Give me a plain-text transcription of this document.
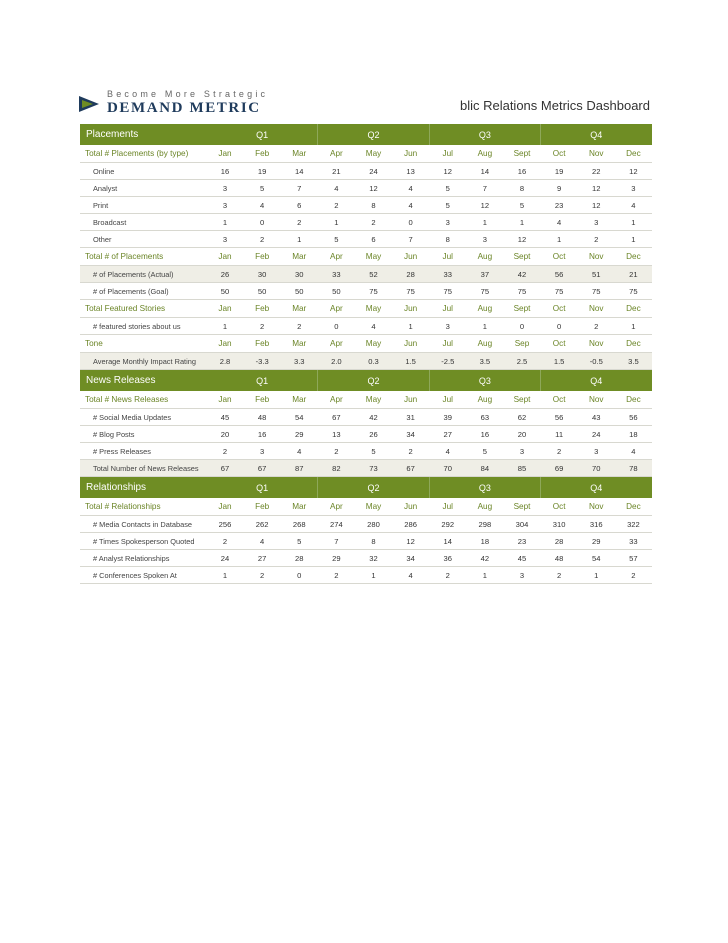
Become More Strategic
DEMAND METRIC	blic Relations Metrics Dashboard
Placements		Q1			Q2			Q3			Q4	
Total # Placements (by type)	Jan	Feb	Mar	Apr	May	Jun	Jul	Aug	Sept	Oct	Nov	Dec
Online	16	19	14	21	24	13	12	14	16	19	22	12
Analyst	3	5	7	4	12	4	5	7	8	9	12	3
Print	3	4	6	2	8	4	5	12	5	23	12	4
Broadcast	1	0	2	1	2	0	3	1	1	4	3	1
Other	3	2	1	5	6	7	8	3	12	1	2	1
Total # of Placements	Jan	Feb	Mar	Apr	May	Jun	Jul	Aug	Sept	Oct	Nov	Dec
# of Placements (Actual)	26	30	30	33	52	28	33	37	42	56	51	21
# of Placements (Goal)	50	50	50	50	75	75	75	75	75	75	75	75
Total Featured Stories	Jan	Feb	Mar	Apr	May	Jun	Jul	Aug	Sept	Oct	Nov	Dec
# featured stories about us	1	2	2	0	4	1	3	1	0	0	2	1
Tone	Jan	Feb	Mar	Apr	May	Jun	Jul	Aug	Sep	Oct	Nov	Dec
Average Monthly Impact Rating	2.8	-3.3	3.3	2.0	0.3	1.5	-2.5	3.5	2.5	1.5	-0.5	3.5
News Releases		Q1			Q2			Q3			Q4	
Total # News Releases	Jan	Feb	Mar	Apr	May	Jun	Jul	Aug	Sept	Oct	Nov	Dec
# Social Media Updates	45	48	54	67	42	31	39	63	62	56	43	56
# Blog Posts	20	16	29	13	26	34	27	16	20	11	24	18
# Press Releases	2	3	4	2	5	2	4	5	3	2	3	4
Total Number of News Releases	67	67	87	82	73	67	70	84	85	69	70	78
Relationships		Q1			Q2			Q3			Q4	
Total # Relationships	Jan	Feb	Mar	Apr	May	Jun	Jul	Aug	Sept	Oct	Nov	Dec
# Media Contacts in Database	256	262	268	274	280	286	292	298	304	310	316	322
# Times Spokesperson Quoted	2	4	5	7	8	12	14	18	23	28	29	33
# Analyst Relationships	24	27	28	29	32	34	36	42	45	48	54	57
# Conferences Spoken At	1	2	0	2	1	4	2	1	3	2	1	2
